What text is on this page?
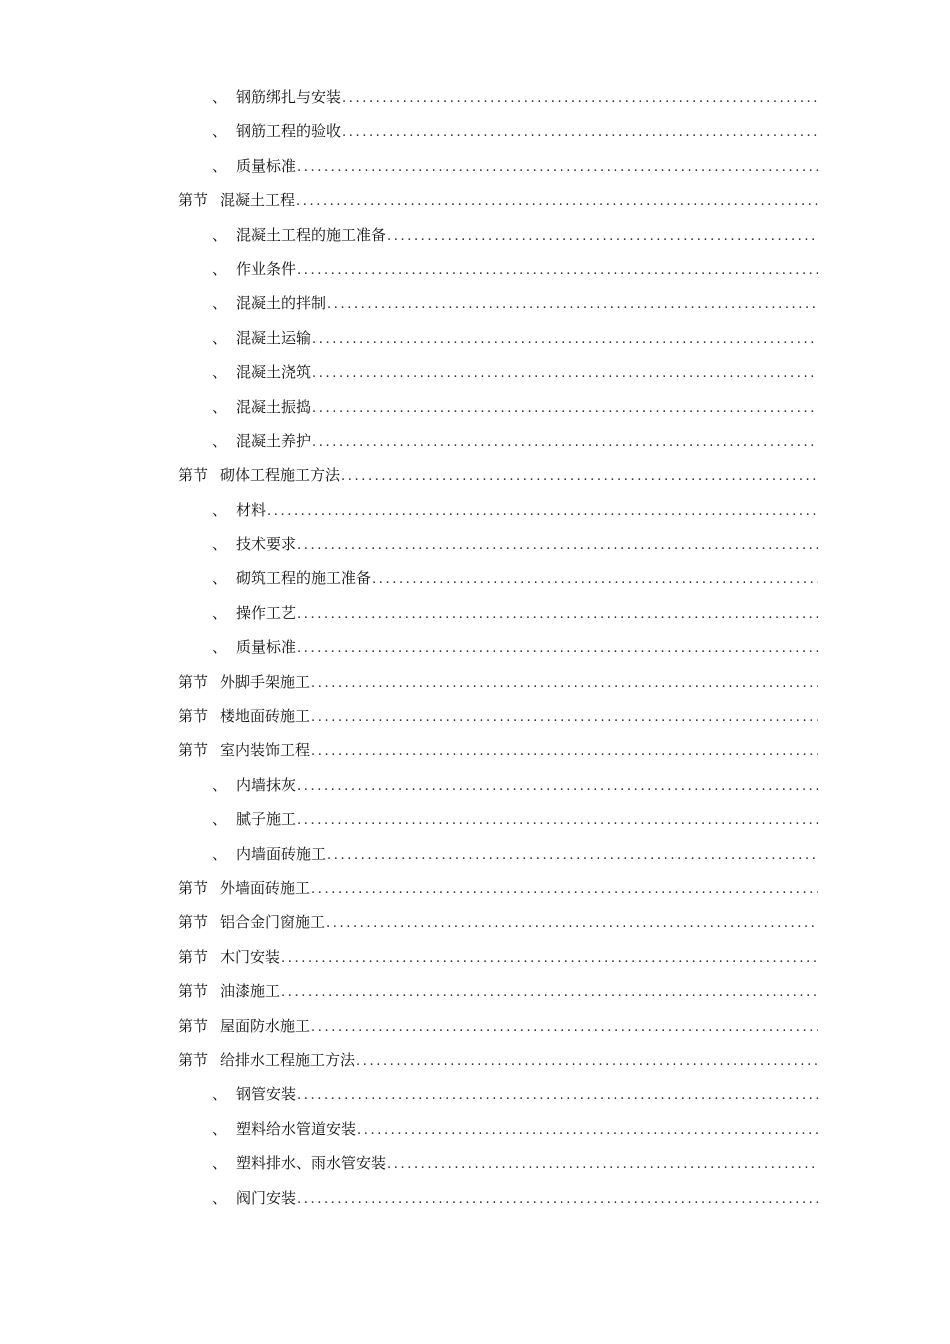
、 钢筋绑扎与安装
.....
、 钢筋工程的验收
.....
、 质量标准
.....
第节 混凝土工程
.....
、 混凝土工程的施工准备
.....
、 作业条件
.....
、 混凝土的拌制
.....
、 混凝土运输
.....
、 混凝土浇筑
.....
、 混凝土振捣
.....
、 混凝土养护
.....
第节 砌体工程施工方法
.....
、 材料
.....
、 技术要求
.....
、 砌筑工程的施工准备
.....
、 操作工艺
.....
、 质量标准
.....
第节 外脚手架施工
.....
第节 楼地面砖施工
.....
第节 室内装饰工程
.....
、 内墙抹灰
.....
、 腻子施工
.....
、 内墙面砖施工
.....
第节 外墙面砖施工
.....
第节 铝合金门窗施工
.....
第节 木门安装
.....
第节 油漆施工
.....
第节 屋面防水施工
.....
第节 给排水工程施工方法
.....
、 钢管安装
.....
、 塑料给水管道安装
.....
、 塑料排水、雨水管安装
.....
、 阀门安装
.....
